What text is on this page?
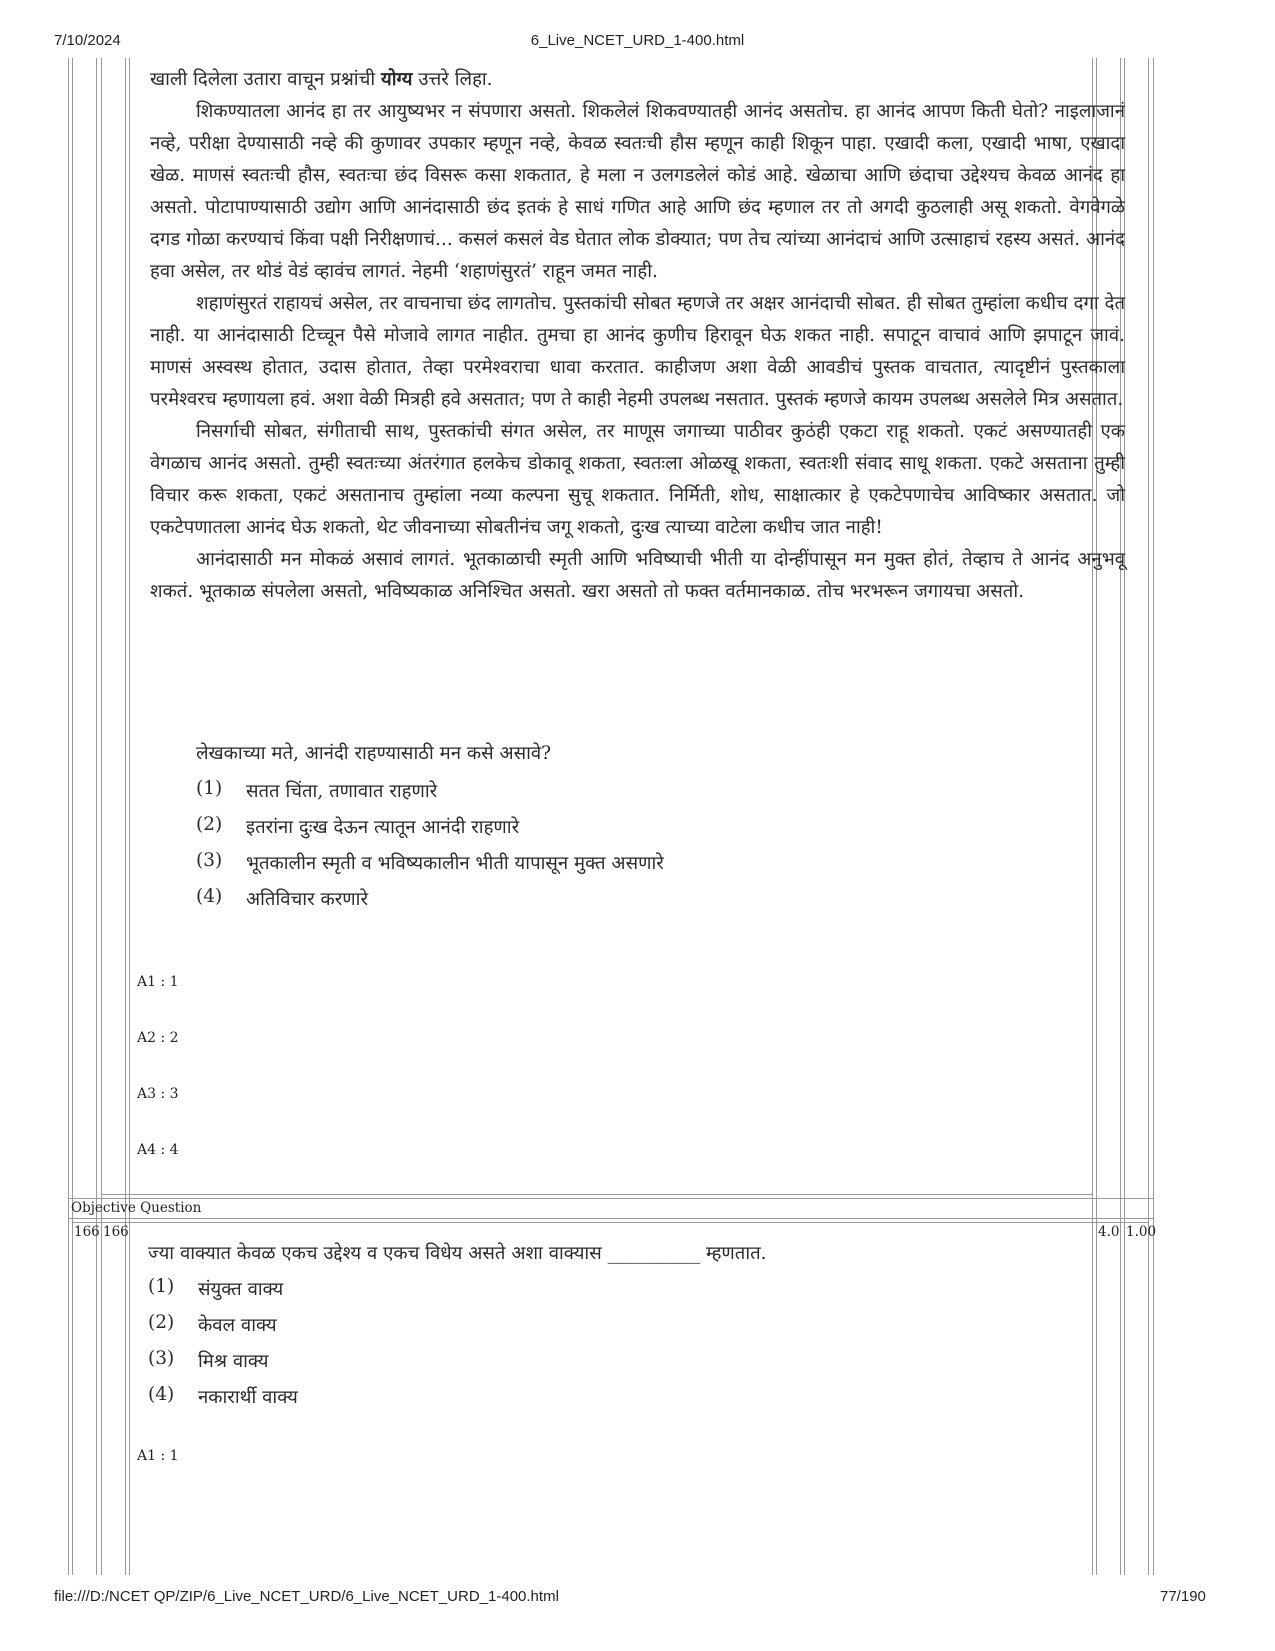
7/10/2024	6_Live_NCET_URD_1-400.html

खाली दिलेला उतारा वाचून प्रश्नांची योग्य उत्तरे लिहा.

शिकण्यातला आनंद हा तर आयुष्यभर न संपणारा असतो. शिकलेलं शिकवण्यातही आनंद असतोच. हा आनंद आपण किती घेतो? नाइलाजानं नव्हे, परीक्षा देण्यासाठी नव्हे की कुणावर उपकार म्हणून नव्हे, केवळ स्वतःची हौस म्हणून काही शिकून पाहा. एखादी कला, एखादी भाषा, एखादा खेळ. माणसं स्वतःची हौस, स्वतःचा छंद विसरू कसा शकतात, हे मला न उलगडलेलं कोडं आहे. खेळाचा आणि छंदाचा उद्देश्यच केवळ आनंद हा असतो. पोटापाण्यासाठी उद्योग आणि आनंदासाठी छंद इतकं हे साधं गणित आहे आणि छंद म्हणाल तर तो अगदी कुठलाही असू शकतो. वेगवेगळे दगड गोळा करण्याचं किंवा पक्षी निरीक्षणाचं... कसलं कसलं वेड घेतात लोक डोक्यात; पण तेच त्यांच्या आनंदाचं आणि उत्साहाचं रहस्य असतं. आनंद हवा असेल, तर थोडं वेडं व्हावंच लागतं. नेहमी ‘शहाणंसुरतं’ राहून जमत नाही.

शहाणंसुरतं राहायचं असेल, तर वाचनाचा छंद लागतोच. पुस्तकांची सोबत म्हणजे तर अक्षर आनंदाची सोबत. ही सोबत तुम्हांला कधीच दगा देत नाही. या आनंदासाठी टिच्चून पैसे मोजावे लागत नाहीत. तुमचा हा आनंद कुणीच हिरावून घेऊ शकत नाही. सपाटून वाचावं आणि झपाटून जावं. माणसं अस्वस्थ होतात, उदास होतात, तेव्हा परमेश्वराचा धावा करतात. काहीजण अशा वेळी आवडीचं पुस्तक वाचतात, त्यादृष्टीनं पुस्तकाला परमेश्वरच म्हणायला हवं. अशा वेळी मित्रही हवे असतात; पण ते काही नेहमी उपलब्ध नसतात. पुस्तकं म्हणजे कायम उपलब्ध असलेले मित्र असतात.

निसर्गाची सोबत, संगीताची साथ, पुस्तकांची संगत असेल, तर माणूस जगाच्या पाठीवर कुठंही एकटा राहू शकतो. एकटं असण्यातही एक वेगळाच आनंद असतो. तुम्ही स्वतःच्या अंतरंगात हलकेच डोकावू शकता, स्वतःला ओळखू शकता, स्वतःशी संवाद साधू शकता. एकटे असताना तुम्ही विचार करू शकता, एकटं असतानाच तुम्हांला नव्या कल्पना सुचू शकतात. निर्मिती, शोध, साक्षात्कार हे एकटेपणाचेच आविष्कार असतात. जो एकटेपणातला आनंद घेऊ शकतो, थेट जीवनाच्या सोबतीनंच जगू शकतो, दुःख त्याच्या वाटेला कधीच जात नाही!

आनंदासाठी मन मोकळं असावं लागतं. भूतकाळाची स्मृती आणि भविष्याची भीती या दोन्हींपासून मन मुक्त होतं, तेव्हाच ते आनंद अनुभवू शकतं. भूतकाळ संपलेला असतो, भविष्यकाळ अनिश्चित असतो. खरा असतो तो फक्त वर्तमानकाळ. तोच भरभरून जगायचा असतो.

लेखकाच्या मते, आनंदी राहण्यासाठी मन कसे असावे?
(1) सतत चिंता, तणावात राहणारे
(2) इतरांना दुःख देऊन त्यातून आनंदी राहणारे
(3) भूतकालीन स्मृती व भविष्यकालीन भीती यापासून मुक्त असणारे
(4) अतिविचार करणारे
A1 : 1
A2 : 2
A3 : 3
A4 : 4
Objective Question
166 166	4.0 1.00
ज्या वाक्यात केवळ एकच उद्देश्य व एकच विधेय असते अशा वाक्यास __________ म्हणतात.
(1) संयुक्त वाक्य
(2) केवल वाक्य
(3) मिश्र वाक्य
(4) नकारार्थी वाक्य
A1 : 1
file:///D:/NCET QP/ZIP/6_Live_NCET_URD/6_Live_NCET_URD_1-400.html	77/190
